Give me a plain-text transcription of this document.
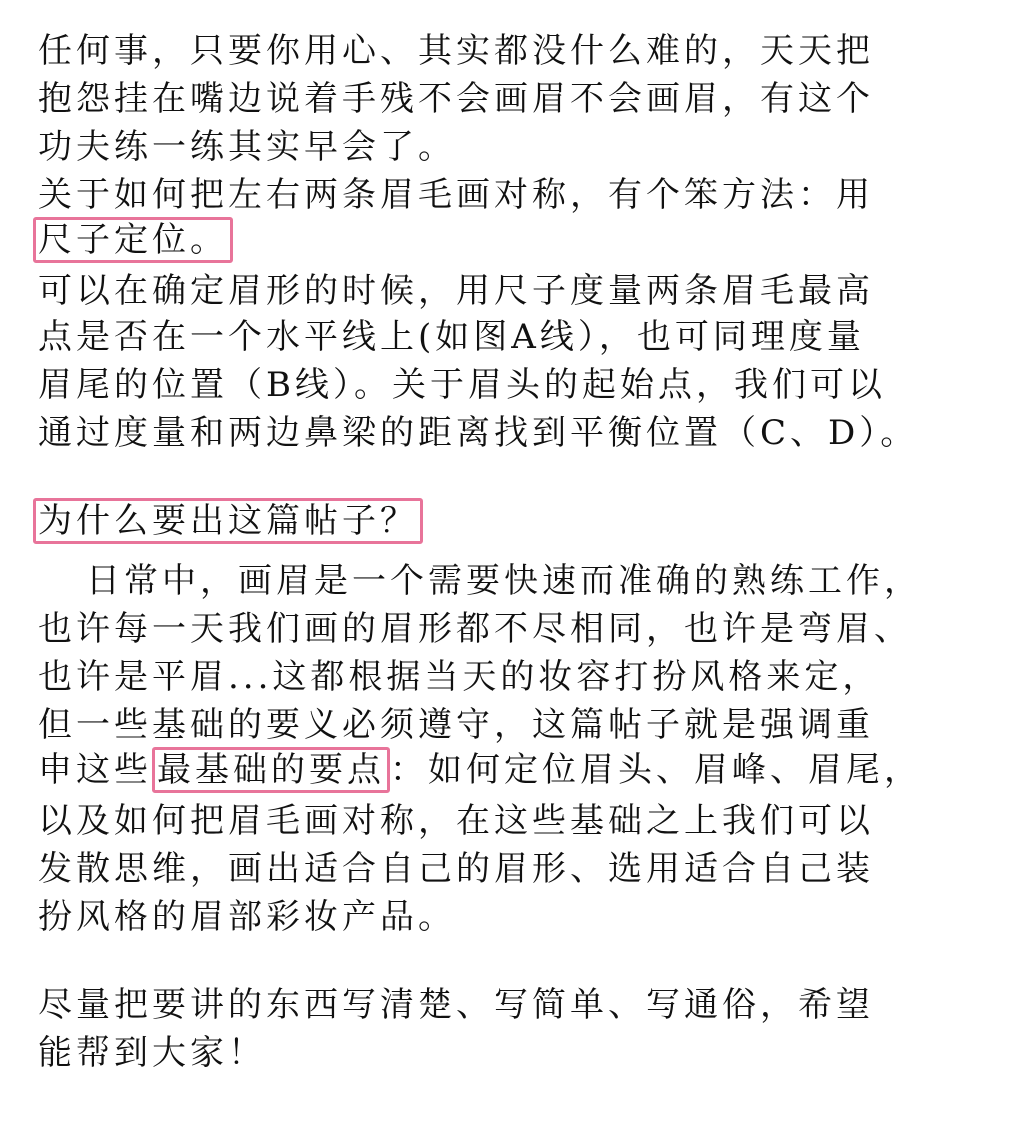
任何事，只要你用心、其实都没什么难的，天天把
抱怨挂在嘴边说着手残不会画眉不会画眉，有这个
功夫练一练其实早会了。
关于如何把左右两条眉毛画对称，有个笨方法：用
尺子定位。
可以在确定眉形的时候，用尺子度量两条眉毛最高
点是否在一个水平线上(如图A线），也可同理度量
眉尾的位置（B线）。关于眉头的起始点，我们可以
通过度量和两边鼻梁的距离找到平衡位置（C、D）。
为什么要出这篇帖子？
日常中，画眉是一个需要快速而准确的熟练工作，
也许每一天我们画的眉形都不尽相同，也许是弯眉、
也许是平眉...这都根据当天的妆容打扮风格来定，
但一些基础的要义必须遵守，这篇帖子就是强调重
申这些 最基础的要点 ：如何定位眉头、眉峰、眉尾，
以及如何把眉毛画对称，在这些基础之上我们可以
发散思维，画出适合自己的眉形、选用适合自己装
扮风格的眉部彩妆产品。
尽量把要讲的东西写清楚、写简单、写通俗，希望
能帮到大家！
